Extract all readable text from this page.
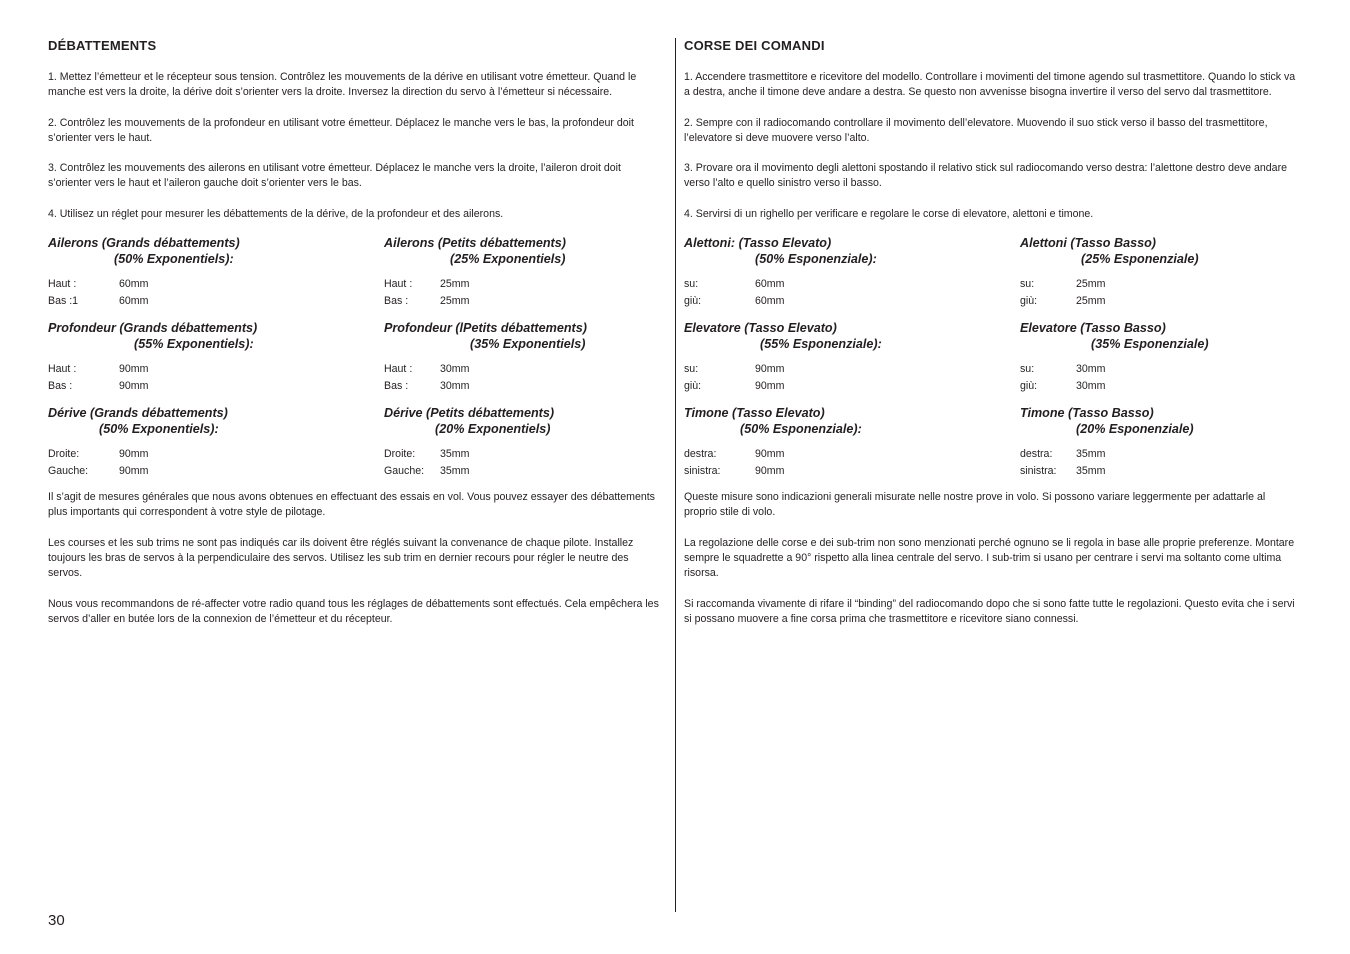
DÉBATTEMENTS

1. Mettez l’émetteur et le récepteur sous tension. Contrôlez les mouvements de la dérive en utilisant votre émetteur. Quand le manche est vers la droite, la dérive doit s’orienter vers la droite. Inversez la direction du servo à l’émetteur si nécessaire.

2. Contrôlez les mouvements de la profondeur en utilisant votre émetteur. Déplacez le manche vers le bas, la profondeur doit s’orienter vers le haut.

3. Contrôlez les mouvements des ailerons en utilisant votre émetteur. Déplacez le manche vers la droite, l’aileron droit doit s’orienter vers le haut et l’aileron gauche doit s’orienter vers le bas.

4. Utilisez un réglet pour mesurer les débattements de la dérive, de la profondeur et des ailerons.

Ailerons (Grands débattements)
(50% Exponentiels):
Haut :	60mm
Bas :1	60mm
Ailerons (Petits débattements)
(25% Exponentiels)
Haut :	25mm
Bas :	25mm
Profondeur (Grands débattements)
(55% Exponentiels):
Haut :	90mm
Bas :	90mm
Profondeur (lPetits débattements)
(35% Exponentiels)
Haut :	30mm
Bas :	30mm
Dérive (Grands débattements)
(50% Exponentiels):
Droite:	90mm
Gauche:	90mm
Dérive (Petits débattements)
(20% Exponentiels)
Droite:	35mm
Gauche:	35mm

Il s’agit de mesures générales que nous avons obtenues en effectuant des essais en vol. Vous pouvez essayer des débattements plus importants qui correspondent à votre style de pilotage.

Les courses et les sub trims ne sont pas indiqués car ils doivent être réglés suivant la convenance de chaque pilote. Installez toujours les bras de servos à la perpendiculaire des servos. Utilisez les sub trim en dernier recours pour régler le neutre des servos.

Nous vous recommandons de ré-affecter votre radio quand tous les réglages de débattements sont effectués. Cela empêchera les servos d’aller en butée lors de la connexion de l’émetteur et du récepteur.

CORSE DEI COMANDI

1. Accendere trasmettitore e ricevitore del modello. Controllare i movimenti del timone agendo sul trasmettitore. Quando lo stick va a destra, anche il timone deve andare a destra. Se questo non avvenisse bisogna invertire il verso del servo dal trasmettitore.

2. Sempre con il radiocomando controllare il movimento dell’elevatore. Muovendo il suo stick verso il basso del trasmettitore, l’elevatore si deve muovere verso l’alto.

3. Provare ora il movimento degli alettoni spostando il relativo stick sul radiocomando verso destra: l’alettone destro deve andare verso l’alto e quello sinistro verso il basso.

4. Servirsi di un righello per verificare e regolare le corse di elevatore, alettoni e timone.

Alettoni: (Tasso Elevato)
(50% Esponenziale):
su:	60mm
giù:	60mm
Alettoni (Tasso Basso)
(25% Esponenziale)
su:	25mm
giù:	25mm
Elevatore (Tasso Elevato)
(55% Esponenziale):
su:	90mm
giù:	90mm
Elevatore (Tasso Basso)
(35% Esponenziale)
su:	30mm
giù:	30mm
Timone (Tasso Elevato)
(50% Esponenziale):
destra:	90mm
sinistra:	90mm
Timone (Tasso Basso)
(20% Esponenziale)
destra:	35mm
sinistra:	35mm

Queste misure sono indicazioni generali misurate nelle nostre prove in volo. Si possono variare leggermente per adattarle al proprio stile di volo.

La regolazione delle corse e dei sub-trim non sono menzionati perché ognuno se li regola in base alle proprie preferenze. Montare sempre le squadrette a 90° rispetto alla linea centrale del servo. I sub-trim si usano per centrare i servi ma soltanto come ultima risorsa.

Si raccomanda vivamente di rifare il “binding” del radiocomando dopo che si sono fatte tutte le regolazioni. Questo evita che i servi si possano muovere a fine corsa prima che trasmettitore e ricevitore siano connessi.

30
